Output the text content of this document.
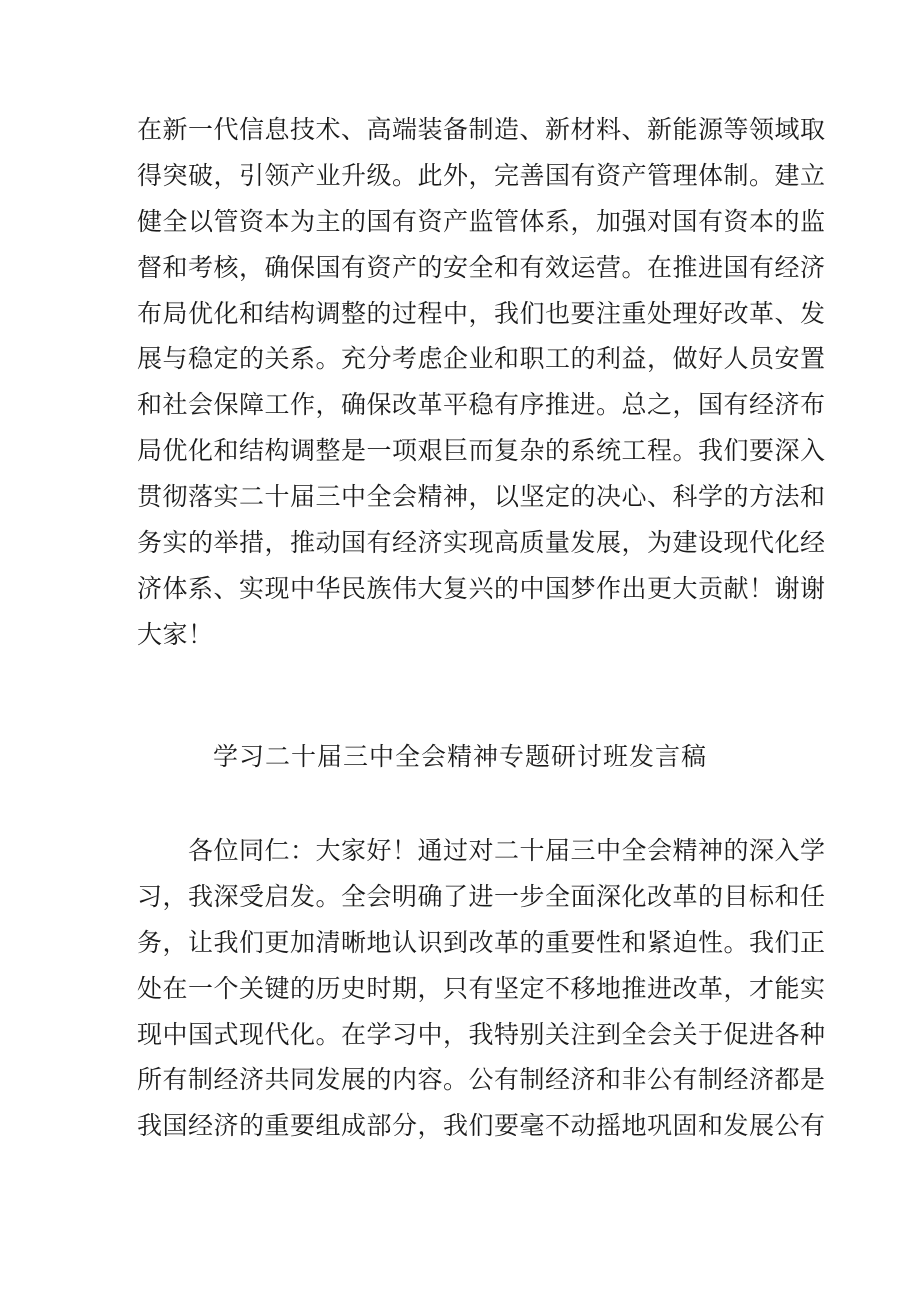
在新一代信息技术、高端装备制造、新材料、新能源等领域取
得突破，引领产业升级。此外，完善国有资产管理体制。建立
健全以管资本为主的国有资产监管体系，加强对国有资本的监
督和考核，确保国有资产的安全和有效运营。在推进国有经济
布局优化和结构调整的过程中，我们也要注重处理好改革、发
展与稳定的关系。充分考虑企业和职工的利益，做好人员安置
和社会保障工作，确保改革平稳有序推进。总之，国有经济布
局优化和结构调整是一项艰巨而复杂的系统工程。我们要深入
贯彻落实二十届三中全会精神，以坚定的决心、科学的方法和
务实的举措，推动国有经济实现高质量发展，为建设现代化经
济体系、实现中华民族伟大复兴的中国梦作出更大贡献！谢谢
大家！
学习二十届三中全会精神专题研讨班发言稿
　　各位同仁：大家好！通过对二十届三中全会精神的深入学
习，我深受启发。全会明确了进一步全面深化改革的目标和任
务，让我们更加清晰地认识到改革的重要性和紧迫性。我们正
处在一个关键的历史时期，只有坚定不移地推进改革，才能实
现中国式现代化。在学习中，我特别关注到全会关于促进各种
所有制经济共同发展的内容。公有制经济和非公有制经济都是
我国经济的重要组成部分，我们要毫不动摇地巩固和发展公有
